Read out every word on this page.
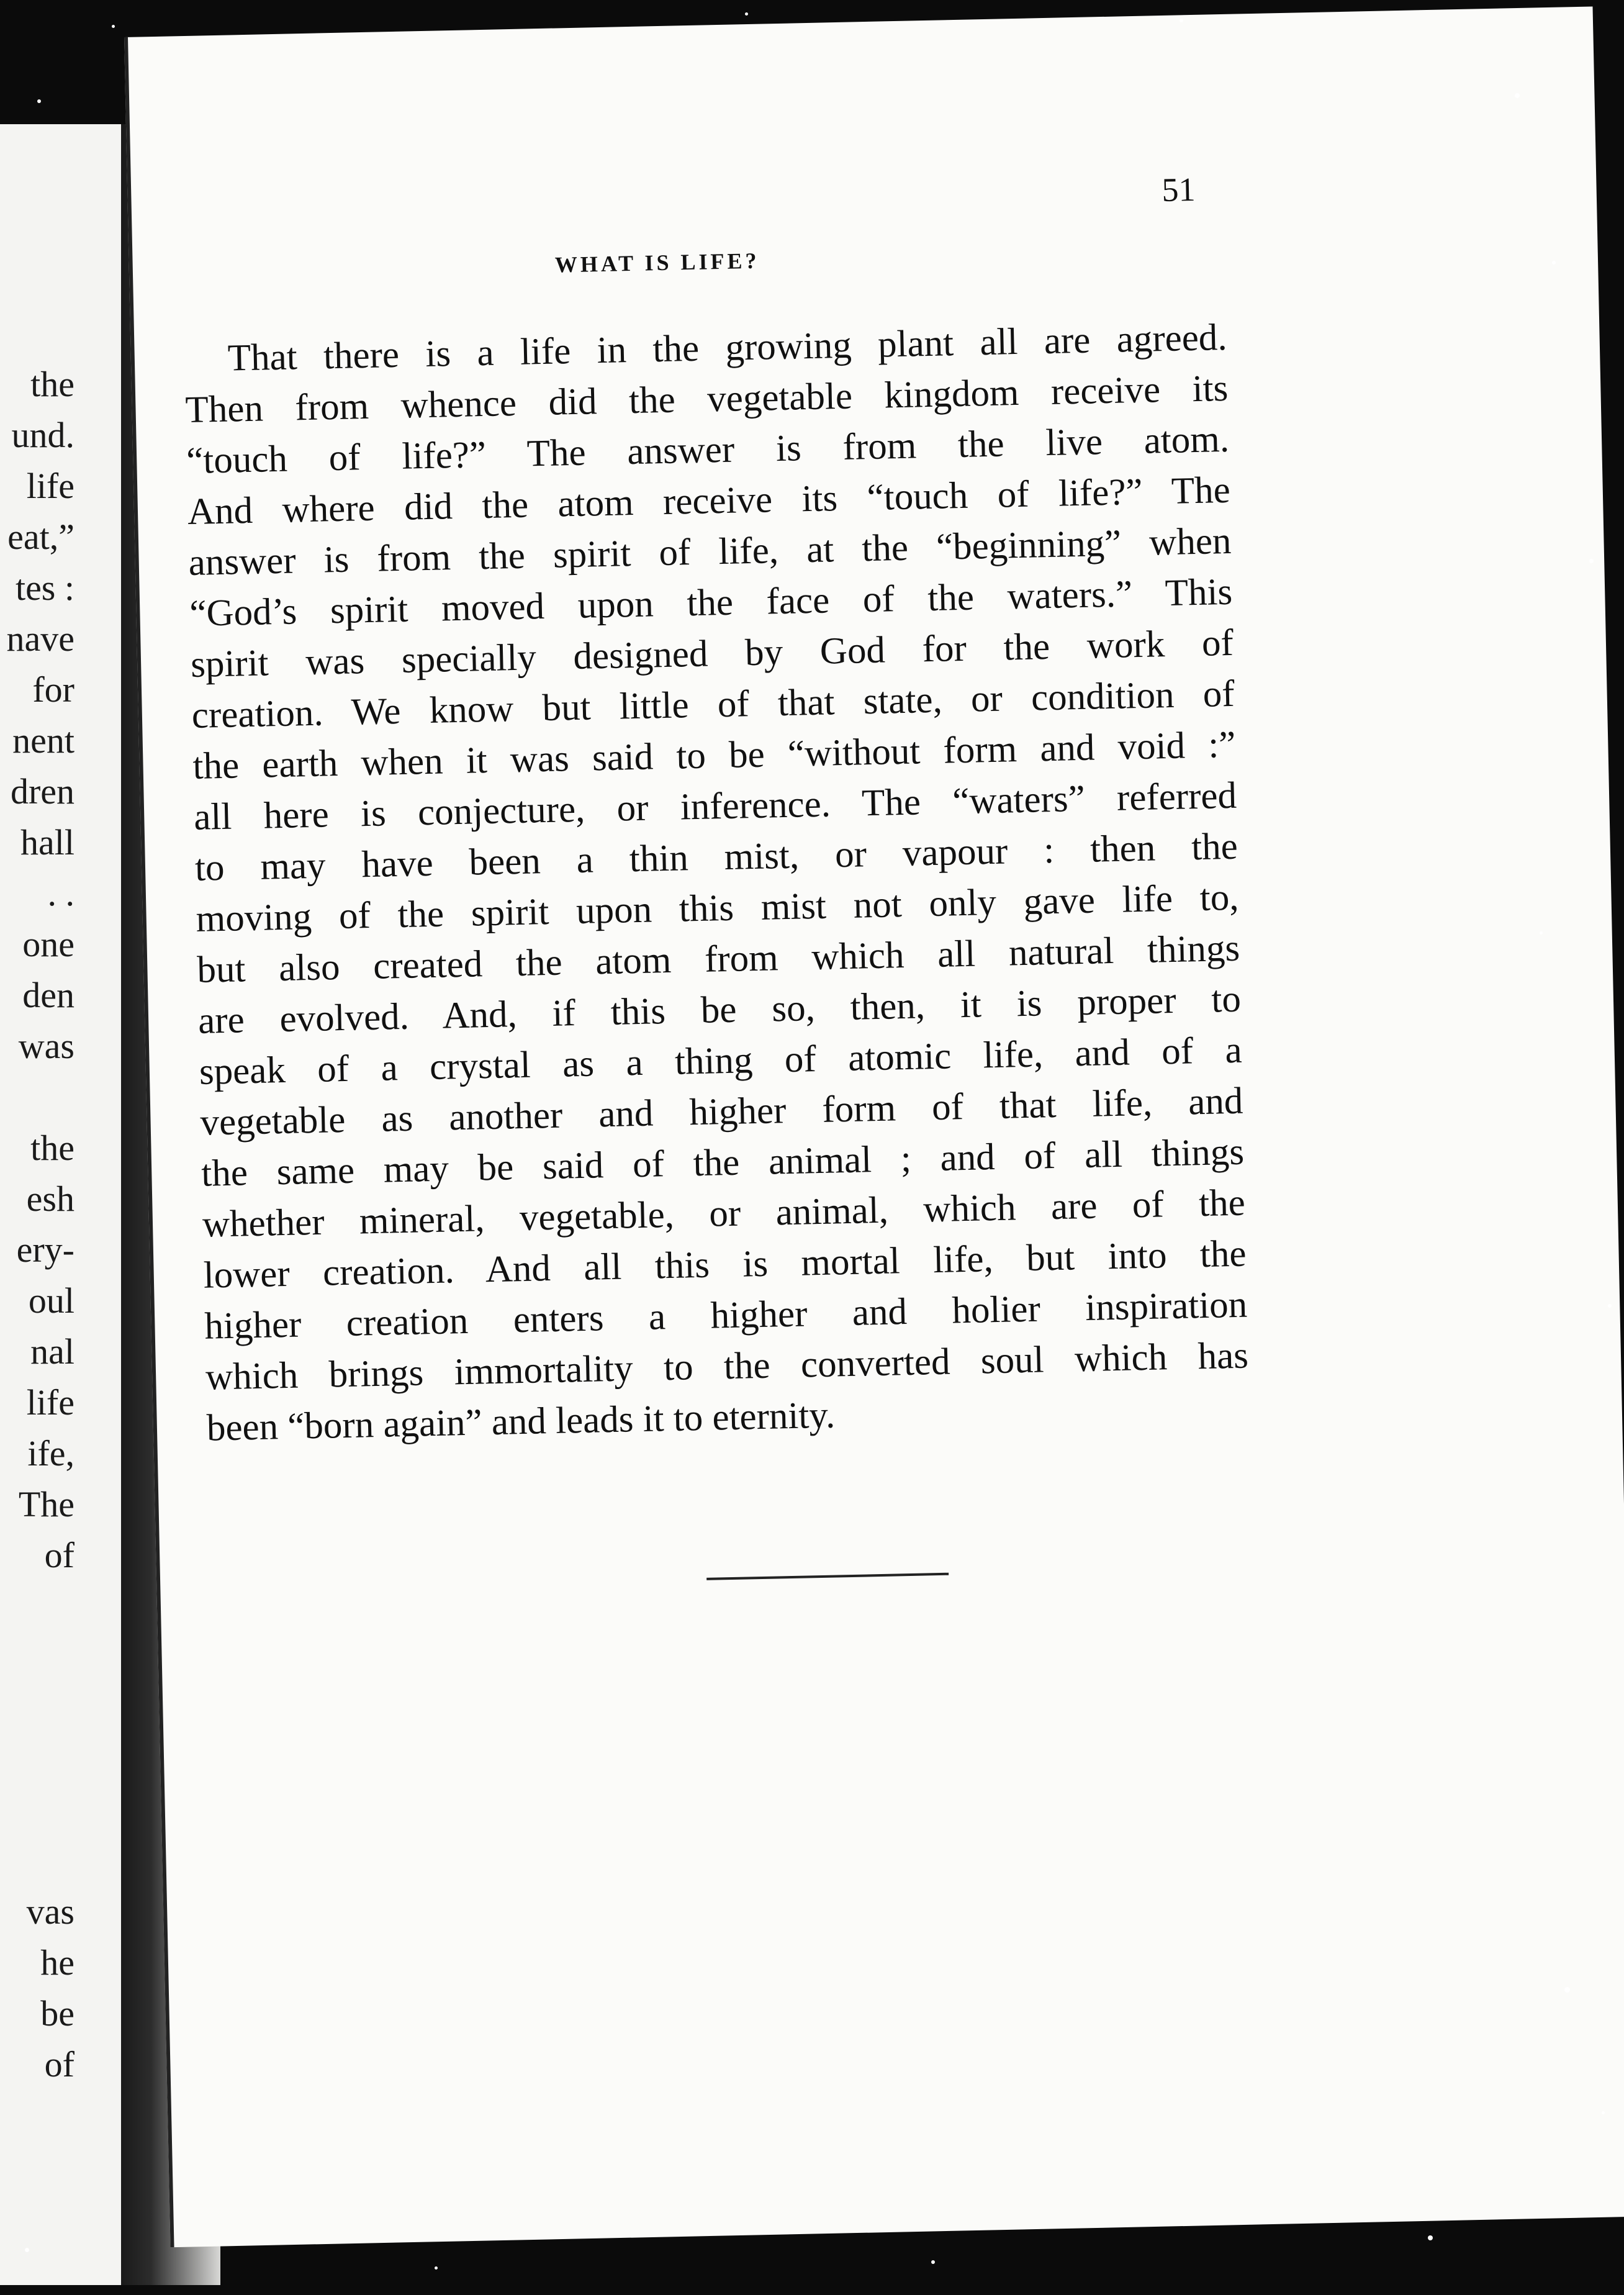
the
und.
life
eat,”
tes :
nave
for
nent
dren
hall
. .
one
den
was
the
esh
ery-
oul
nal
life
ife,
The
of
vas
he
be
of
51
WHAT IS LIFE?
That there is a life in the growing plant all are agreed.
Then from whence did the vegetable kingdom receive its
“touch of life?” The answer is from the live atom.
And where did the atom receive its “touch of life?” The
answer is from the spirit of life, at the “beginning” when
“God’s spirit moved upon the face of the waters.” This
spirit was specially designed by God for the work of
creation. We know but little of that state, or condition of
the earth when it was said to be “without form and void :”
all here is conjecture, or inference. The “waters” referred
to may have been a thin mist, or vapour : then the
moving of the spirit upon this mist not only gave life to,
but also created the atom from which all natural things
are evolved. And, if this be so, then, it is proper to
speak of a crystal as a thing of atomic life, and of a
vegetable as another and higher form of that life, and
the same may be said of the animal ; and of all things
whether mineral, vegetable, or animal, which are of the
lower creation. And all this is mortal life, but into the
higher creation enters a higher and holier inspiration
which brings immortality to the converted soul which has
been “born again” and leads it to eternity.
